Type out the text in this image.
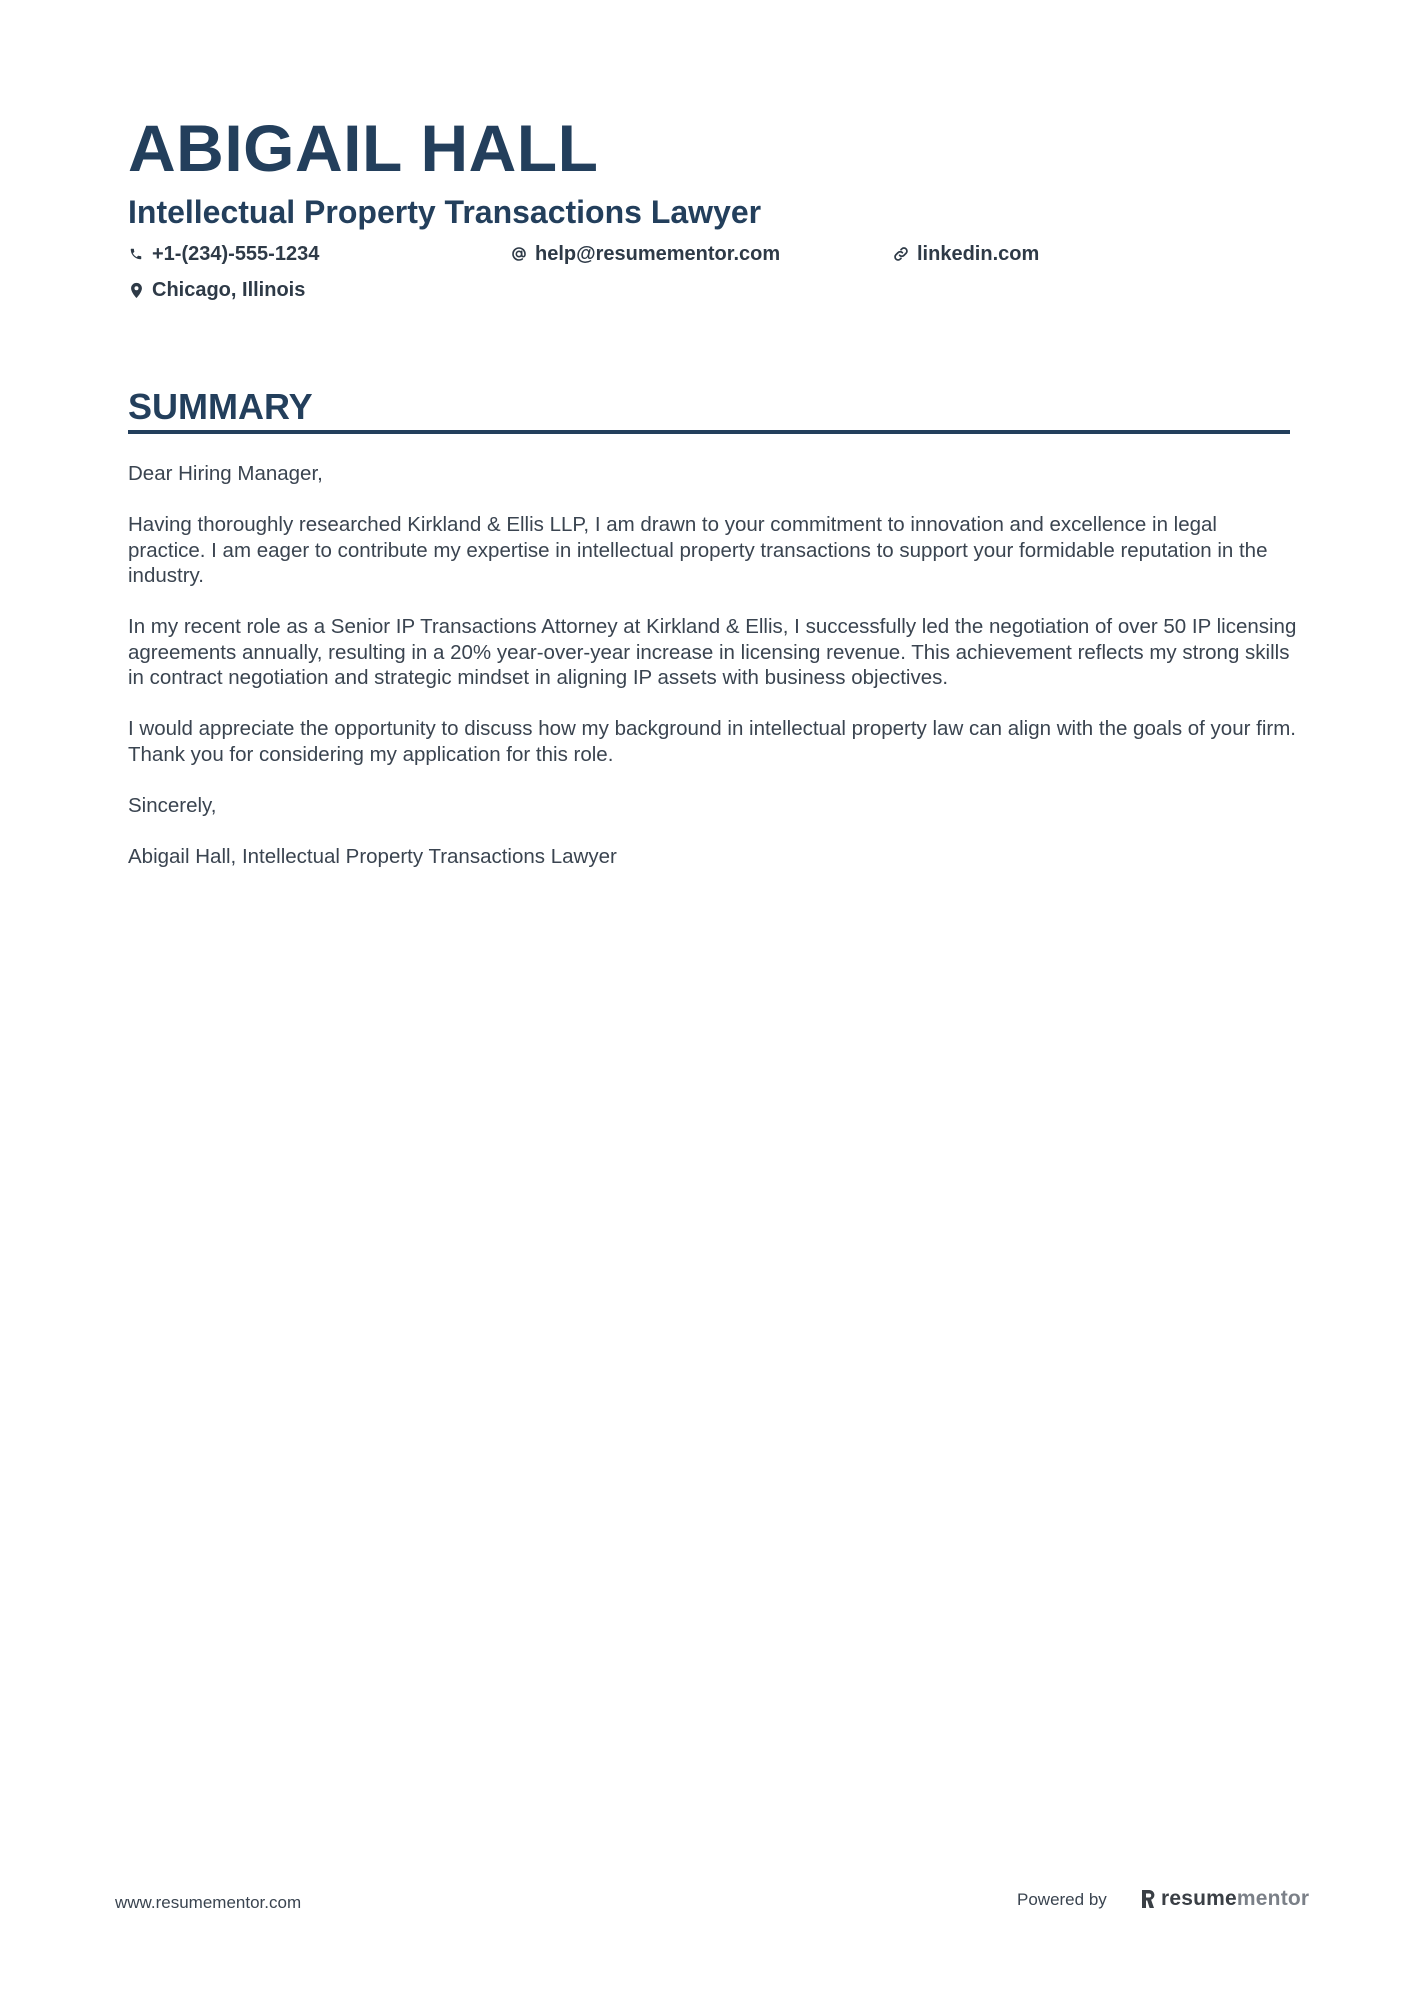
ABIGAIL HALL
Intellectual Property Transactions Lawyer
+1-(234)-555-1234	help@resumementor.com	linkedin.com
Chicago, Illinois
SUMMARY

Dear Hiring Manager,

Having thoroughly researched Kirkland & Ellis LLP, I am drawn to your commitment to innovation and excellence in legal practice. I am eager to contribute my expertise in intellectual property transactions to support your formidable reputation in the industry.

In my recent role as a Senior IP Transactions Attorney at Kirkland & Ellis, I successfully led the negotiation of over 50 IP licensing agreements annually, resulting in a 20% year-over-year increase in licensing revenue. This achievement reflects my strong skills in contract negotiation and strategic mindset in aligning IP assets with business objectives.

I would appreciate the opportunity to discuss how my background in intellectual property law can align with the goals of your firm. Thank you for considering my application for this role.

Sincerely,

Abigail Hall, Intellectual Property Transactions Lawyer

www.resumementor.com	Powered by	resumementor
